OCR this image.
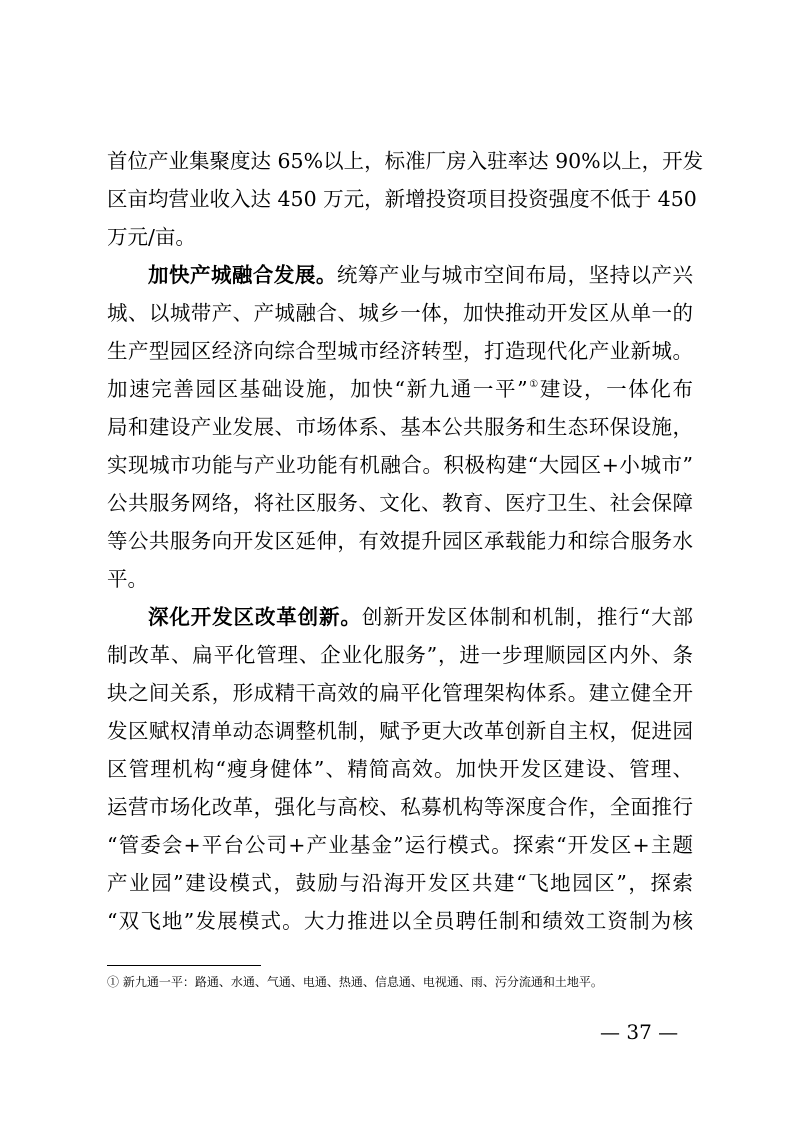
首位产业集聚度达 65%以上，标准厂房入驻率达 90%以上，开发
区亩均营业收入达 450 万元，新增投资项目投资强度不低于 450
万元/亩。
加快产城融合发展。统筹产业与城市空间布局，坚持以产兴
城、以城带产、产城融合、城乡一体，加快推动开发区从单一的
生产型园区经济向综合型城市经济转型，打造现代化产业新城。
加速完善园区基础设施，加快“新九通一平”①建设，一体化布
局和建设产业发展、市场体系、基本公共服务和生态环保设施，
实现城市功能与产业功能有机融合。积极构建“大园区+小城市”
公共服务网络，将社区服务、文化、教育、医疗卫生、社会保障
等公共服务向开发区延伸，有效提升园区承载能力和综合服务水
平。
深化开发区改革创新。创新开发区体制和机制，推行“大部
制改革、扁平化管理、企业化服务”，进一步理顺园区内外、条
块之间关系，形成精干高效的扁平化管理架构体系。建立健全开
发区赋权清单动态调整机制，赋予更大改革创新自主权，促进园
区管理机构“瘦身健体”、精简高效。加快开发区建设、管理、
运营市场化改革，强化与高校、私募机构等深度合作，全面推行
“管委会+平台公司+产业基金”运行模式。探索“开发区+主题
产业园”建设模式，鼓励与沿海开发区共建“飞地园区”，探索
“双飞地”发展模式。大力推进以全员聘任制和绩效工资制为核
① 新九通一平：路通、水通、气通、电通、热通、信息通、电视通、雨、污分流通和土地平。
— 37 —
